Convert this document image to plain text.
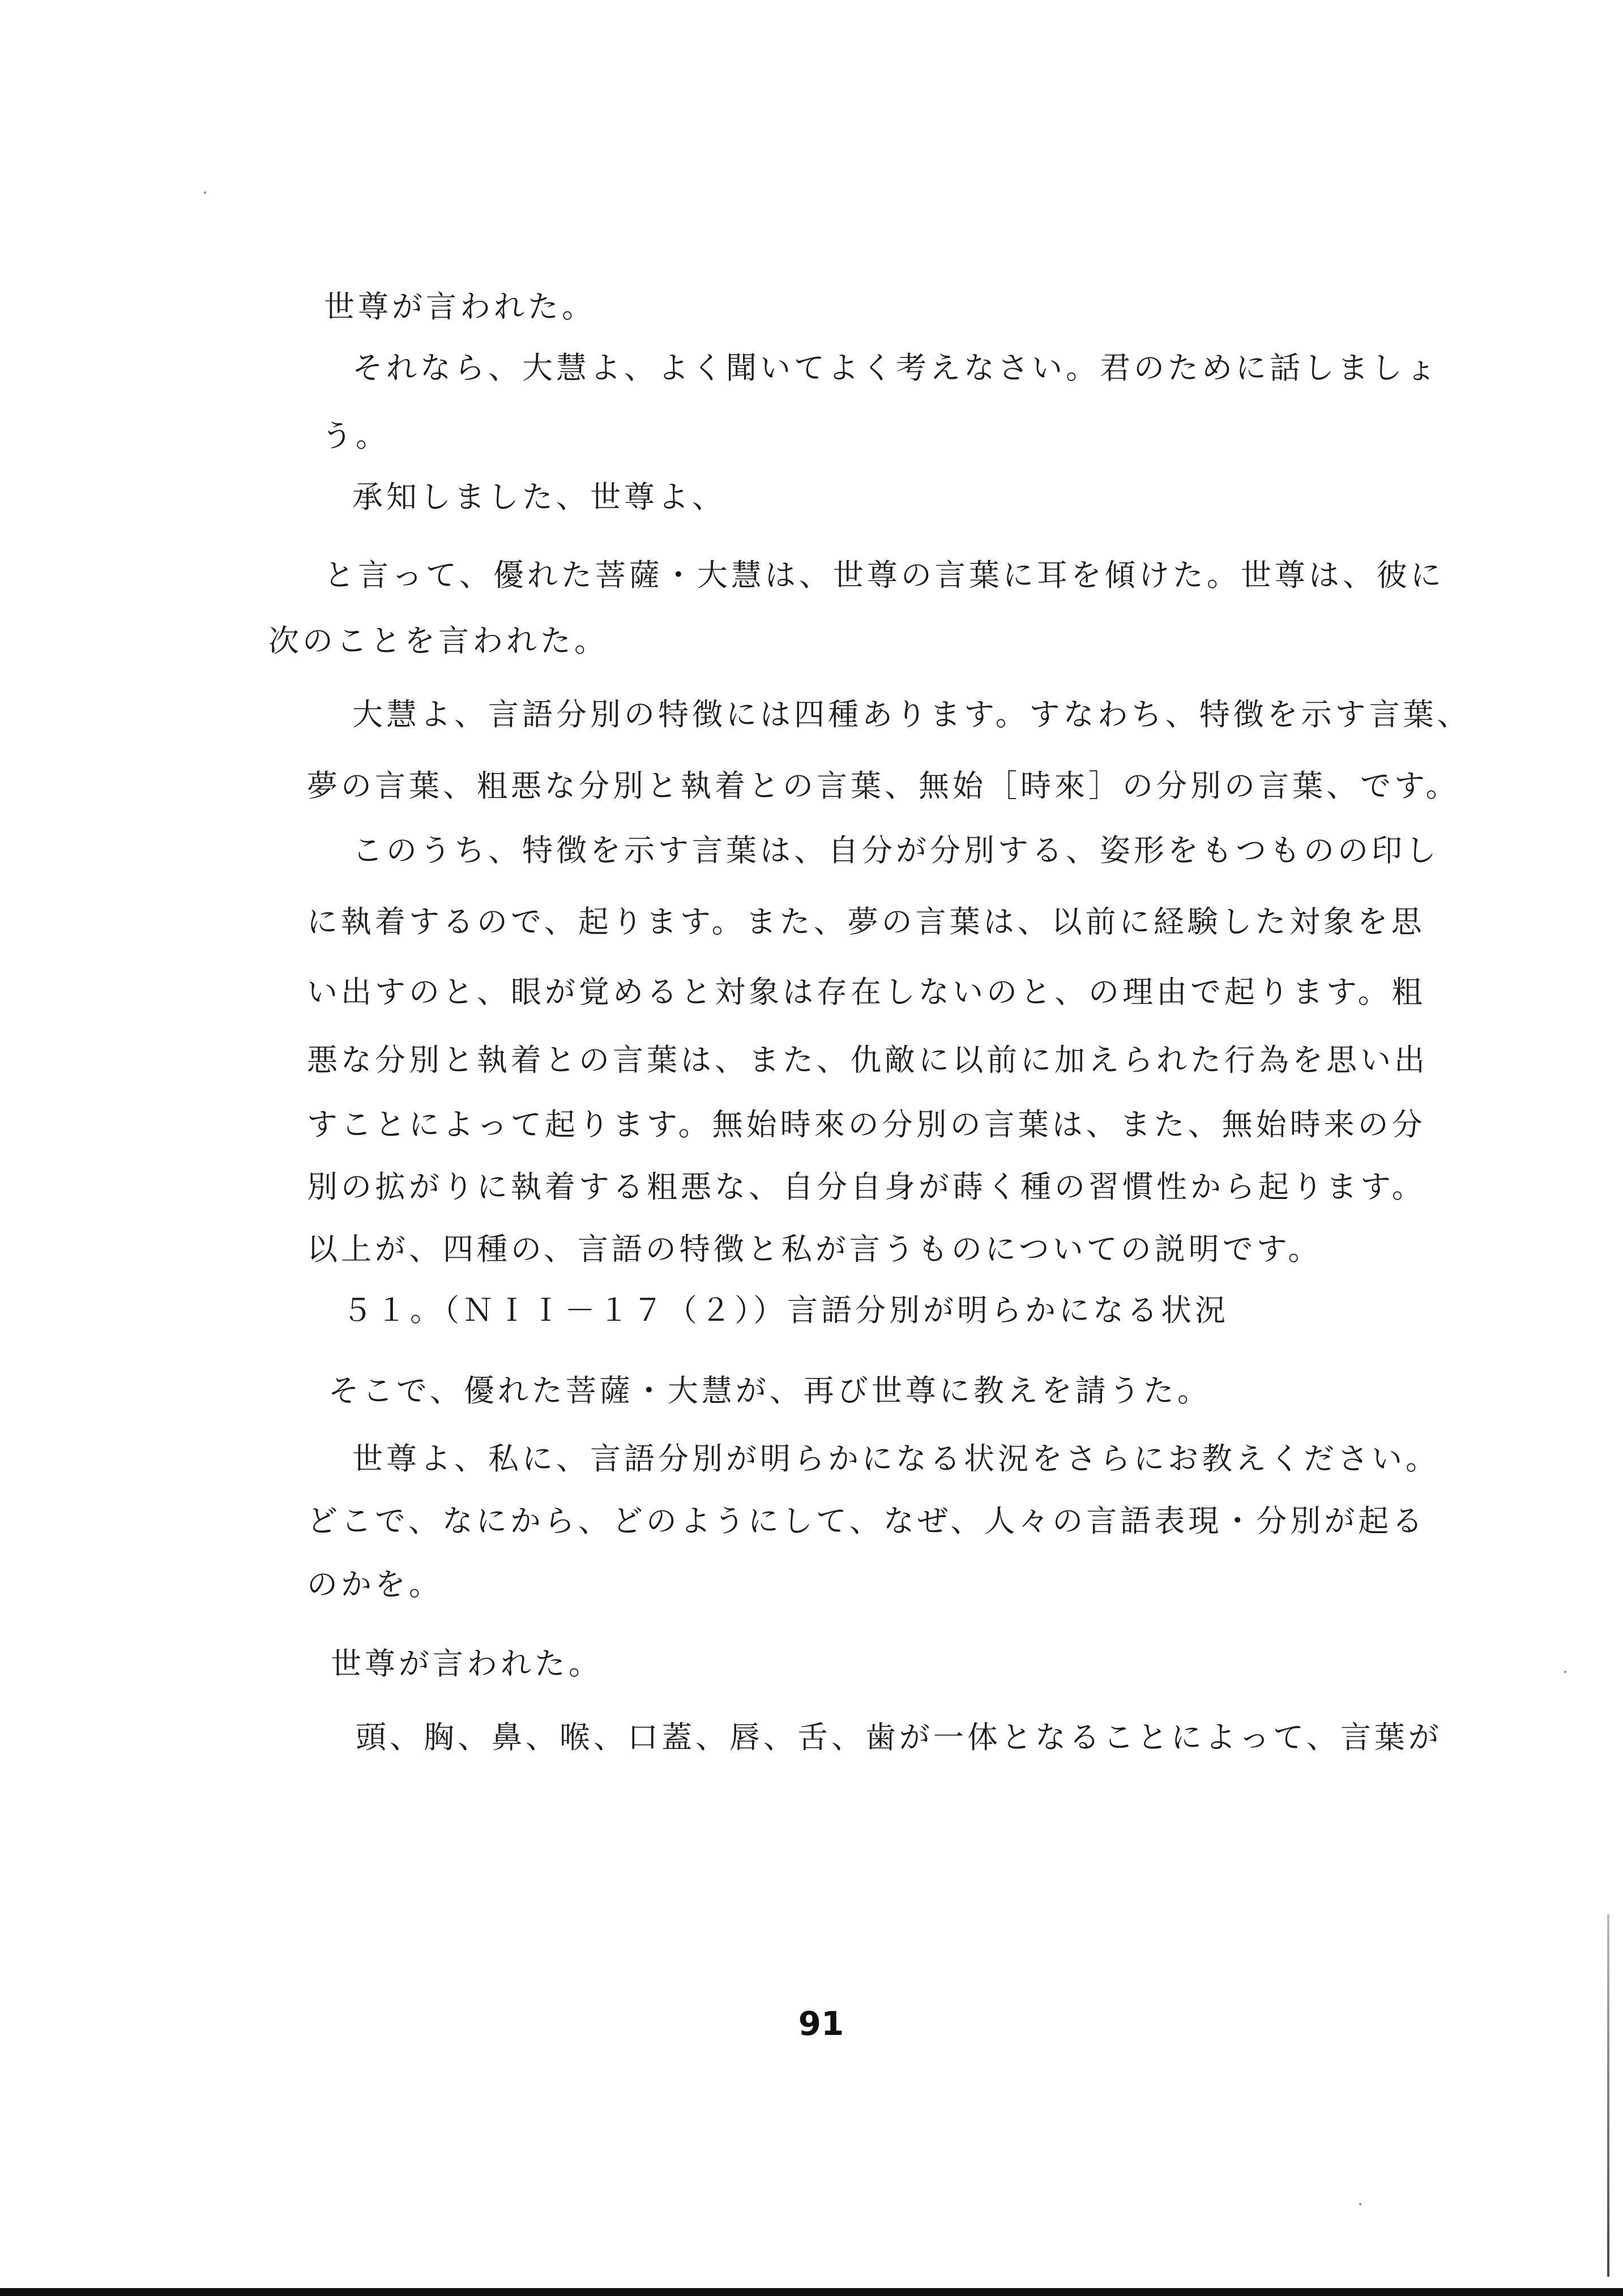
世尊が言われた。
それなら、大慧よ、よく聞いてよく考えなさい。君のために話しましょ
う。
承知しました、世尊よ、
と言って、優れた菩薩・大慧は、世尊の言葉に耳を傾けた。世尊は、彼に
次のことを言われた。
大慧よ、言語分別の特徴には四種あります。すなわち、特徴を示す言葉、
夢の言葉、粗悪な分別と執着との言葉、無始［時來］の分別の言葉、です。
このうち、特徴を示す言葉は、自分が分別する、姿形をもつものの印し
に執着するので、起ります。また、夢の言葉は、以前に経験した対象を思
い出すのと、眼が覚めると対象は存在しないのと、の理由で起ります。粗
悪な分別と執着との言葉は、また、仇敵に以前に加えられた行為を思い出
すことによって起ります。無始時來の分別の言葉は、また、無始時来の分
別の拡がりに執着する粗悪な、自分自身が蒔く種の習慣性から起ります。
以上が、四種の、言語の特徴と私が言うものについての説明です。
５１。（ＮＩＩ－１７（２））言語分別が明らかになる状況
そこで、優れた菩薩・大慧が、再び世尊に教えを請うた。
世尊よ、私に、言語分別が明らかになる状況をさらにお教えください。
どこで、なにから、どのようにして、なぜ、人々の言語表現・分別が起る
のかを。
世尊が言われた。
頭、胸、鼻、喉、口蓋、唇、舌、歯が一体となることによって、言葉が
91
